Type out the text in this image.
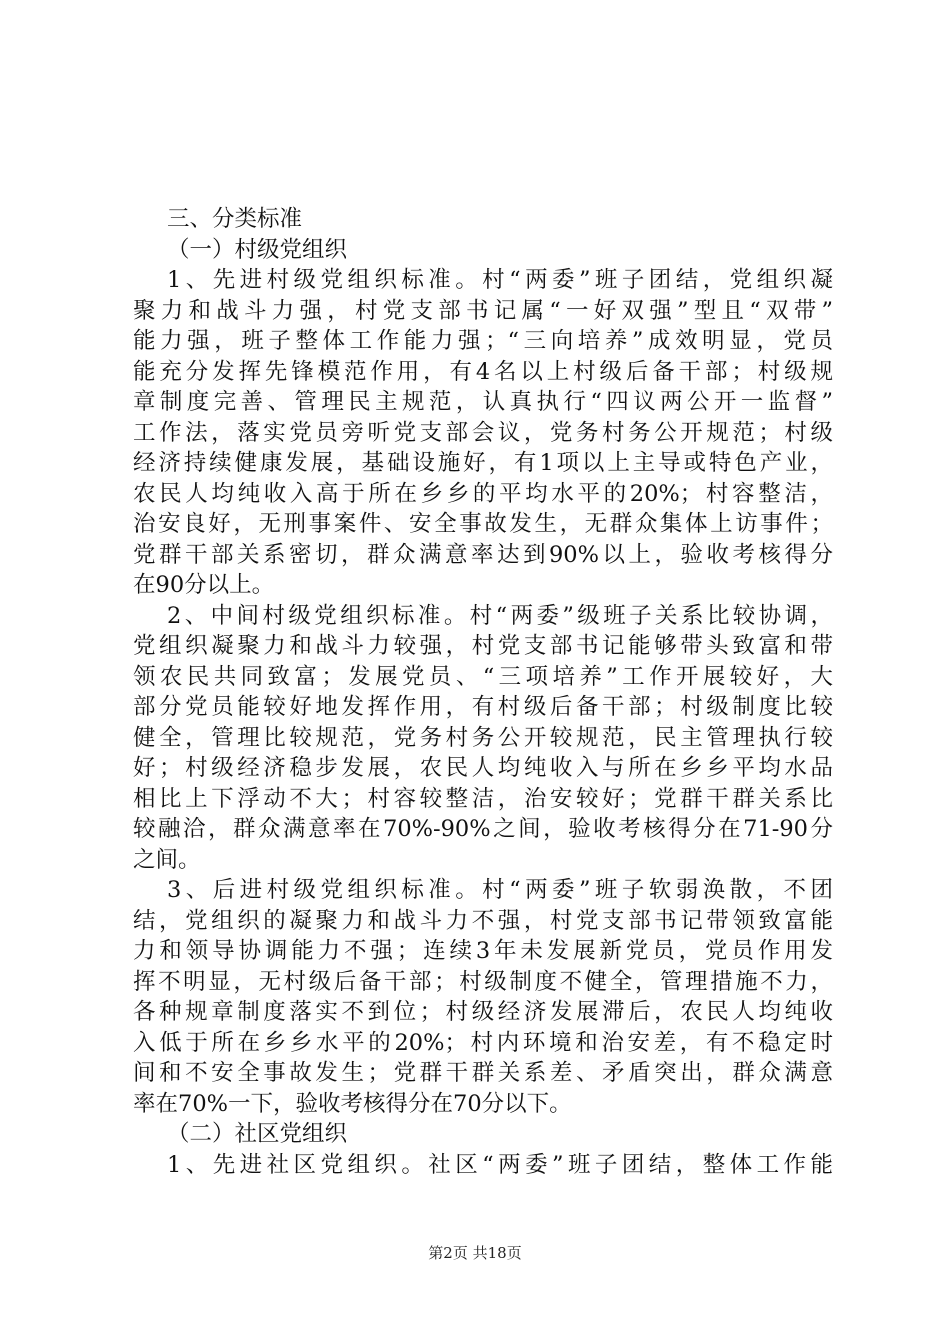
三、分类标准
（一）村级党组织
1、先进村级党组织标准。村“两委”班子团结，党组织凝
聚力和战斗力强，村党支部书记属“一好双强”型且“双带”
能力强，班子整体工作能力强；“三向培养”成效明显，党员
能充分发挥先锋模范作用，有4名以上村级后备干部；村级规
章制度完善、管理民主规范，认真执行“四议两公开一监督”
工作法，落实党员旁听党支部会议，党务村务公开规范；村级
经济持续健康发展，基础设施好，有1项以上主导或特色产业，
农民人均纯收入高于所在乡乡的平均水平的20%；村容整洁，
治安良好，无刑事案件、安全事故发生，无群众集体上访事件；
党群干部关系密切，群众满意率达到90%以上，验收考核得分
在90分以上。
2、中间村级党组织标准。村“两委”级班子关系比较协调，
党组织凝聚力和战斗力较强，村党支部书记能够带头致富和带
领农民共同致富；发展党员、“三项培养”工作开展较好，大
部分党员能较好地发挥作用，有村级后备干部；村级制度比较
健全，管理比较规范，党务村务公开较规范，民主管理执行较
好；村级经济稳步发展，农民人均纯收入与所在乡乡平均水品
相比上下浮动不大；村容较整洁，治安较好；党群干群关系比
较融洽，群众满意率在70%-90%之间，验收考核得分在71-90分
之间。
3、后进村级党组织标准。村“两委”班子软弱涣散，不团
结，党组织的凝聚力和战斗力不强，村党支部书记带领致富能
力和领导协调能力不强；连续3年未发展新党员，党员作用发
挥不明显，无村级后备干部；村级制度不健全，管理措施不力，
各种规章制度落实不到位；村级经济发展滞后，农民人均纯收
入低于所在乡乡水平的20%；村内环境和治安差，有不稳定时
间和不安全事故发生；党群干群关系差、矛盾突出，群众满意
率在70%一下，验收考核得分在70分以下。
（二）社区党组织
1、先进社区党组织。社区“两委”班子团结，整体工作能
第2页 共18页
